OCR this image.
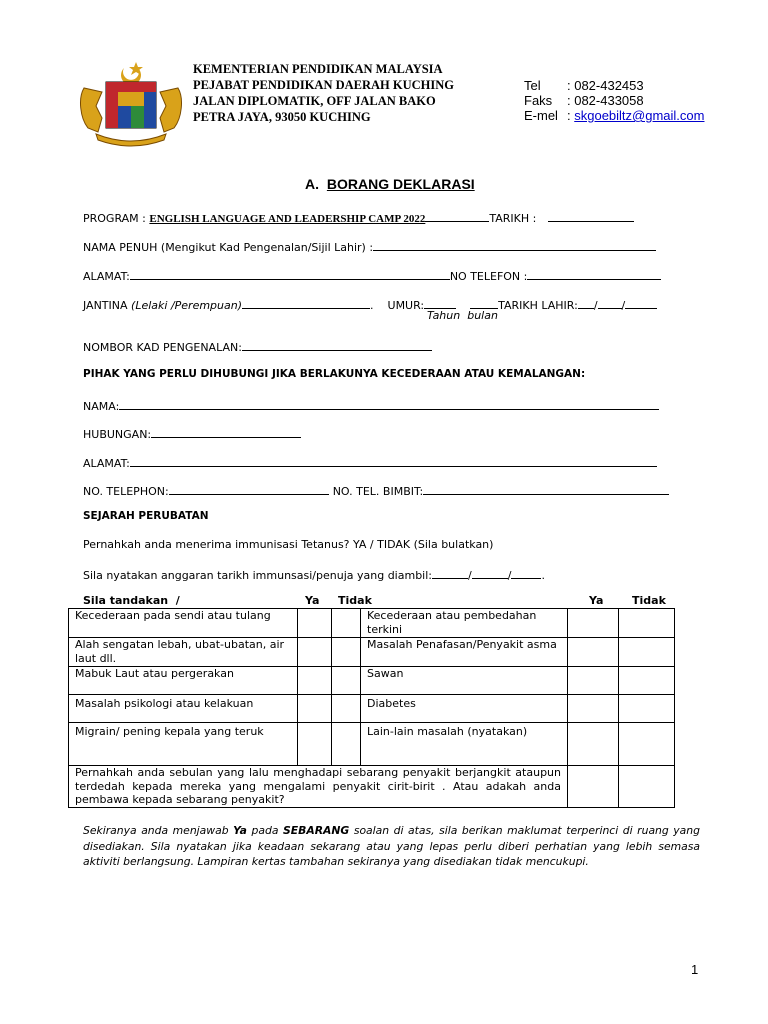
KEMENTERIAN PENDIDIKAN MALAYSIA
PEJABAT PENDIDIKAN DAERAH KUCHING
JALAN DIPLOMATIK, OFF JALAN BAKO
PETRA JAYA, 93050 KUCHING
Tel : 082-432453
Faks : 082-433058
E-mel : skgoebiltz@gmail.com
A. BORANG DEKLARASI
PROGRAM : ENGLISH LANGUAGE AND LEADERSHIP CAMP 2022	TARIKH :
NAMA PENUH (Mengikut Kad Pengenalan/Sijil Lahir) :
ALAMAT:	NO TELEFON :
JANTINA (Lelaki /Perempuan)	. UMUR:	TARIKH LAHIR: / /
Tahun  bulan
NOMBOR KAD PENGENALAN:
PIHAK YANG PERLU DIHUBUNGI JIKA BERLAKUNYA KECEDERAAN ATAU KEMALANGAN:
NAMA:
HUBUNGAN:
ALAMAT:
NO. TELEPHON:	NO. TEL. BIMBIT:
SEJARAH PERUBATAN
Pernahkah anda menerima immunisasi Tetanus? YA / TIDAK (Sila bulatkan)
Sila nyatakan anggaran tarikh immunsasi/penuja yang diambil:	/	/	.
Sila tandakan  /	Ya Tidak	Ya	Tidak
Kecederaan pada sendi atau tulang			Kecederaan atau pembedahan terkini		
Alah sengatan lebah, ubat-ubatan, air laut dll.			Masalah Penafasan/Penyakit asma		
Mabuk Laut atau pergerakan			Sawan		
Masalah psikologi atau kelakuan			Diabetes		
Migrain/ pening kepala yang teruk			Lain-lain masalah (nyatakan)		
Pernahkah anda sebulan yang lalu menghadapi sebarang penyakit berjangkit ataupun terdedah kepada mereka yang mengalami penyakit cirit-birit . Atau adakah anda pembawa kepada sebarang penyakit?					
Sekiranya anda menjawab Ya pada SEBARANG soalan di atas, sila berikan maklumat terperinci di ruang yang disediakan. Sila nyatakan jika keadaan sekarang atau yang lepas perlu diberi perhatian yang lebih semasa aktiviti berlangsung. Lampiran kertas tambahan sekiranya yang disediakan tidak mencukupi.
1
